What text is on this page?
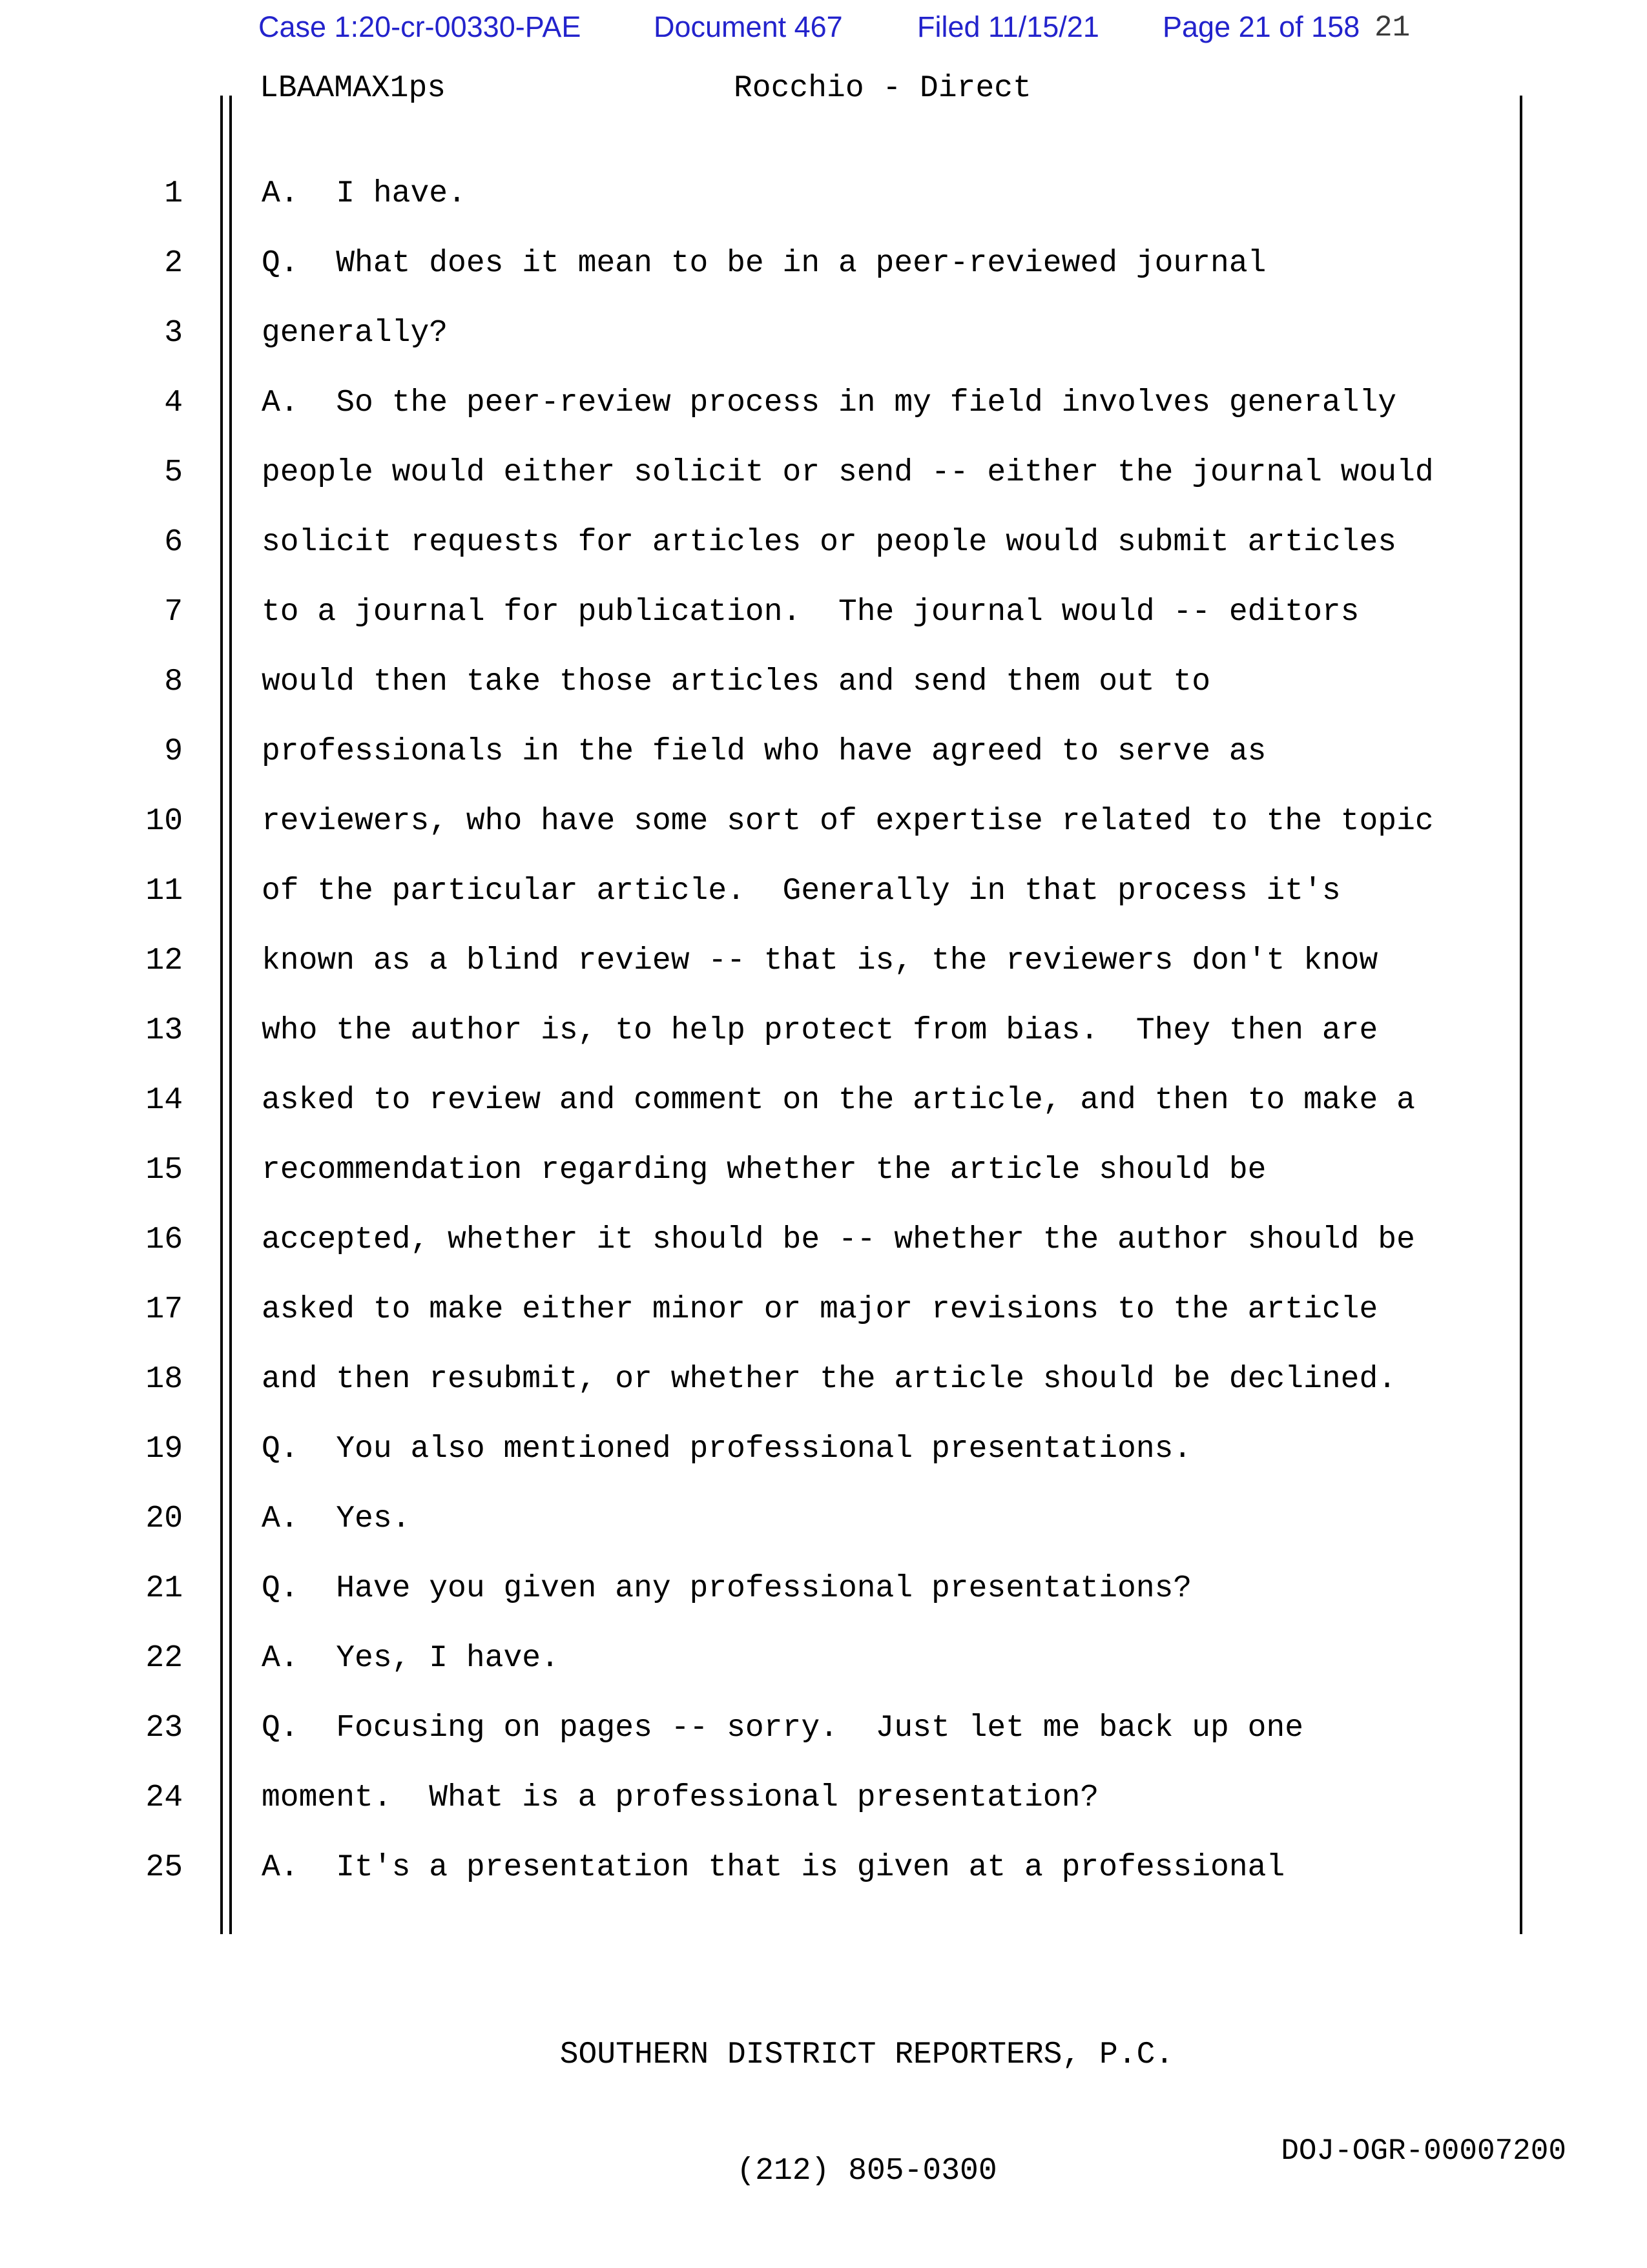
Case 1:20-cr-00330-PAE	Document 467	Filed 11/15/21 Page 21 of 158 21
LBAAMAX1ps	Rocchio - Direct
1
2
3
4
5
6
7
8
9
10
11
12
13
14
15
16
17
18
19
20
21
22
23
24
25
A.  I have.
Q.  What does it mean to be in a peer-reviewed journal
generally?
A.  So the peer-review process in my field involves generally
people would either solicit or send -- either the journal would
solicit requests for articles or people would submit articles
to a journal for publication.  The journal would -- editors
would then take those articles and send them out to
professionals in the field who have agreed to serve as
reviewers, who have some sort of expertise related to the topic
of the particular article.  Generally in that process it's
known as a blind review -- that is, the reviewers don't know
who the author is, to help protect from bias.  They then are
asked to review and comment on the article, and then to make a
recommendation regarding whether the article should be
accepted, whether it should be -- whether the author should be
asked to make either minor or major revisions to the article
and then resubmit, or whether the article should be declined.
Q.  You also mentioned professional presentations.
A.  Yes.
Q.  Have you given any professional presentations?
A.  Yes, I have.
Q.  Focusing on pages -- sorry.  Just let me back up one
moment.  What is a professional presentation?
A.  It's a presentation that is given at a professional

SOUTHERN DISTRICT REPORTERS, P.C.

(212) 805-0300

DOJ-OGR-00007200
